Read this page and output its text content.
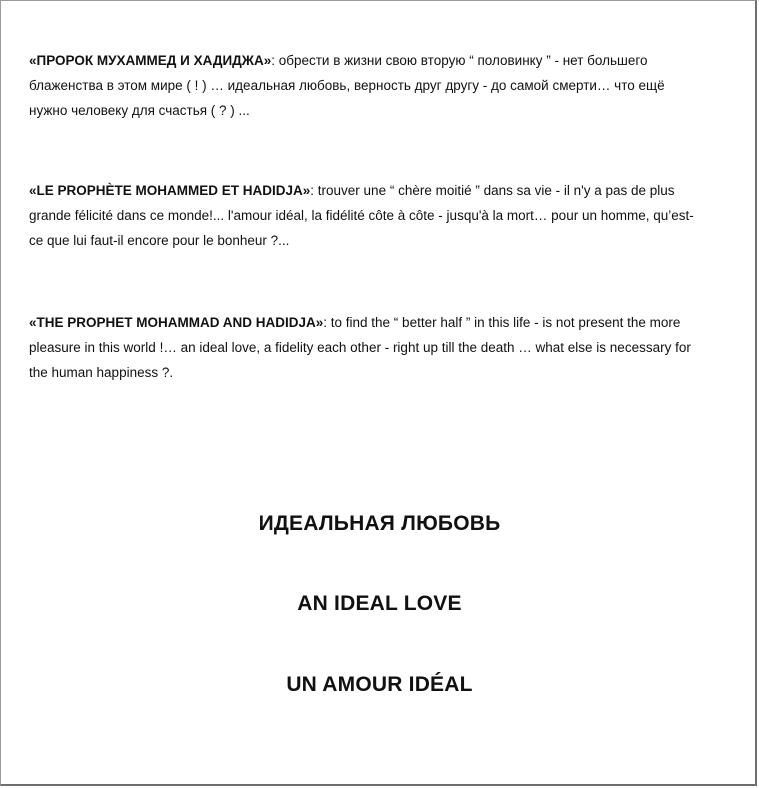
«ПРОРОК МУХАММЕД И ХАДИДЖА»: обрести в жизни свою вторую “ половинку ” - нет большего блаженства в этом мире ( ! ) … идеальная любовь, верность друг другу - до самой смерти… что ещё нужно человеку для счастья ( ? ) ...

«LE PROPHÈTE MOHAMMED ET HADIDJA»: trouver une “ chère moitié ” dans sa vie - il n'y a pas de plus grande félicité dans ce monde!... l'amour idéal, la fidélité côte à côte - jusqu'à la mort… pour un homme, qu’est-ce que lui faut-il encore pour le bonheur ?...

«THE PROPHET MOHAMMAD AND HADIDJA»: to find the “ better half ” in this life - is not present the more pleasure in this world !… an ideal love, a fidelity each other - right up till the death … what else is necessary for the human happiness ?.

ИДЕАЛЬНАЯ ЛЮБОВЬ
AN IDEAL LOVE
UN AMOUR IDÉAL
